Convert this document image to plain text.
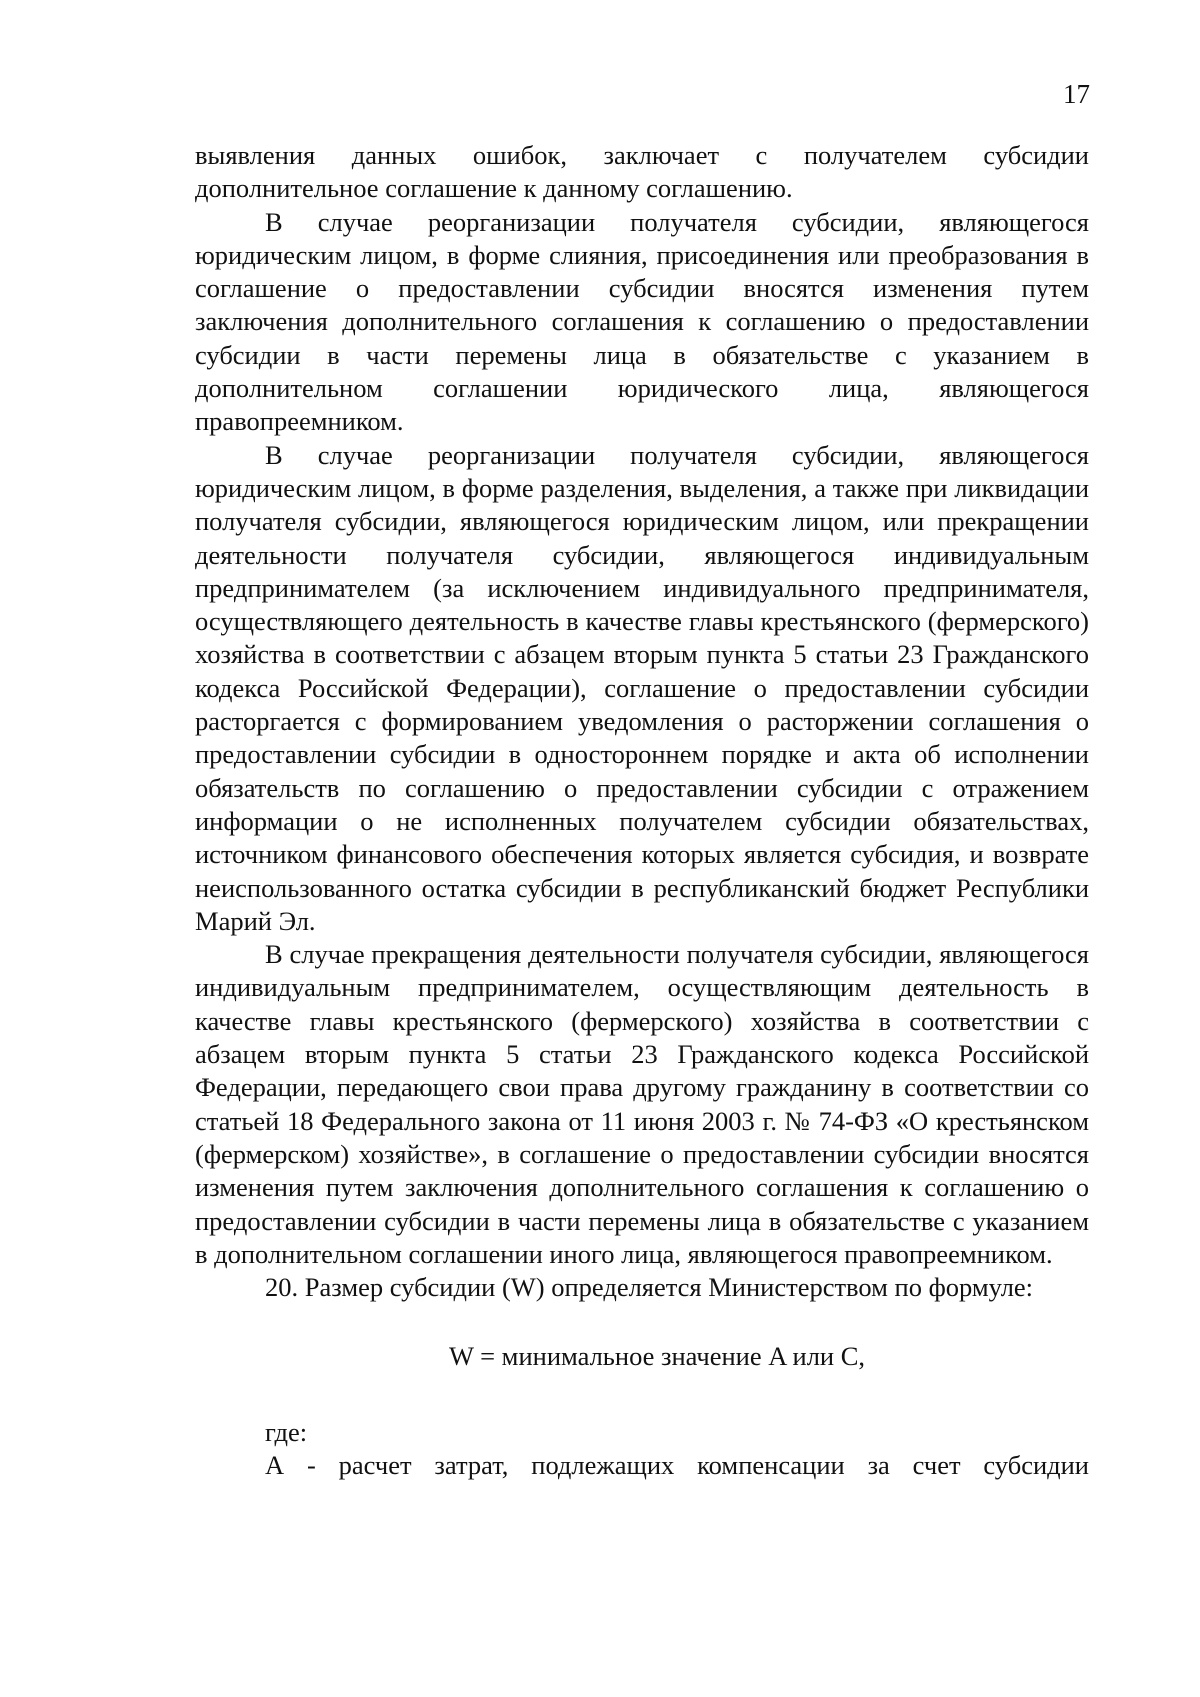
17

выявления данных ошибок, заключает с получателем субсидии дополнительное соглашение к данному соглашению.

В случае реорганизации получателя субсидии, являющегося юридическим лицом, в форме слияния, присоединения или преобразования в соглашение о предоставлении субсидии вносятся изменения путем заключения дополнительного соглашения к соглашению о предоставлении субсидии в части перемены лица в обязательстве с указанием в дополнительном соглашении юридического лица, являющегося правопреемником.

В случае реорганизации получателя субсидии, являющегося юридическим лицом, в форме разделения, выделения, а также при ликвидации получателя субсидии, являющегося юридическим лицом, или прекращении деятельности получателя субсидии, являющегося индивидуальным предпринимателем (за исключением индивидуального предпринимателя, осуществляющего деятельность в качестве главы крестьянского (фермерского) хозяйства в соответствии с абзацем вторым пункта 5 статьи 23 Гражданского кодекса Российской Федерации), соглашение о предоставлении субсидии расторгается с формированием уведомления о расторжении соглашения о предоставлении субсидии в одностороннем порядке и акта об исполнении обязательств по соглашению о предоставлении субсидии с отражением информации о не исполненных получателем субсидии обязательствах, источником финансового обеспечения которых является субсидия, и возврате неиспользованного остатка субсидии в республиканский бюджет Республики Марий Эл.

В случае прекращения деятельности получателя субсидии, являющегося индивидуальным предпринимателем, осуществляющим деятельность в качестве главы крестьянского (фермерского) хозяйства в соответствии с абзацем вторым пункта 5 статьи 23 Гражданского кодекса Российской Федерации, передающего свои права другому гражданину в соответствии со статьей 18 Федерального закона от 11 июня 2003 г. № 74-ФЗ «О крестьянском (фермерском) хозяйстве», в соглашение о предоставлении субсидии вносятся изменения путем заключения дополнительного соглашения к соглашению о предоставлении субсидии в части перемены лица в обязательстве с указанием в дополнительном соглашении иного лица, являющегося правопреемником.

20. Размер субсидии (W) определяется Министерством по формуле:

W = минимальное значение A или C,

где:

А - расчет затрат, подлежащих компенсации за счет субсидии
